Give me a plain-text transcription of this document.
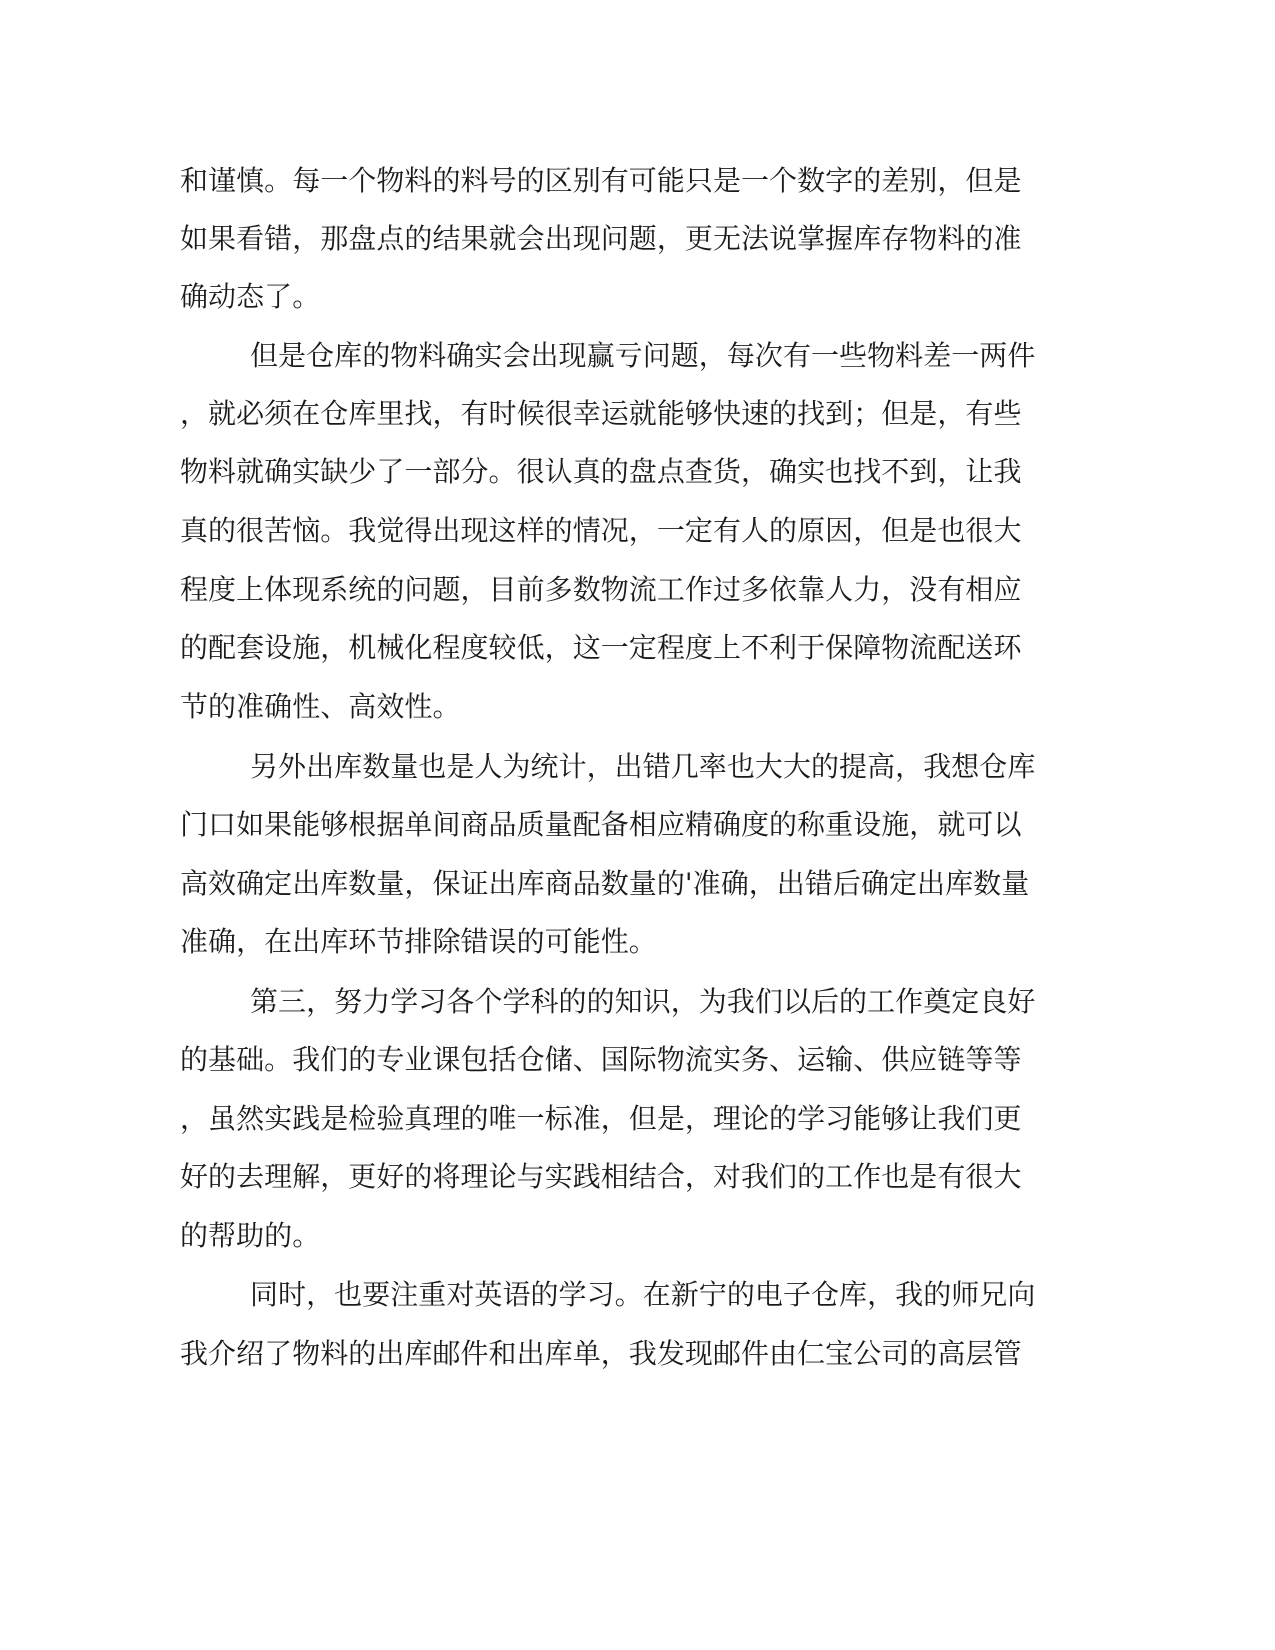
和谨慎。每一个物料的料号的区别有可能只是一个数字的差别，但是
如果看错，那盘点的结果就会出现问题，更无法说掌握库存物料的准
确动态了。
但是仓库的物料确实会出现赢亏问题，每次有一些物料差一两件
，就必须在仓库里找，有时候很幸运就能够快速的找到；但是，有些
物料就确实缺少了一部分。很认真的盘点查货，确实也找不到，让我
真的很苦恼。我觉得出现这样的情况，一定有人的原因，但是也很大
程度上体现系统的问题，目前多数物流工作过多依靠人力，没有相应
的配套设施，机械化程度较低，这一定程度上不利于保障物流配送环
节的准确性、高效性。
另外出库数量也是人为统计，出错几率也大大的提高，我想仓库
门口如果能够根据单间商品质量配备相应精确度的称重设施，就可以
高效确定出库数量，保证出库商品数量的'准确，出错后确定出库数量
准确，在出库环节排除错误的可能性。
第三，努力学习各个学科的的知识，为我们以后的工作奠定良好
的基础。我们的专业课包括仓储、国际物流实务、运输、供应链等等
，虽然实践是检验真理的唯一标准，但是，理论的学习能够让我们更
好的去理解，更好的将理论与实践相结合，对我们的工作也是有很大
的帮助的。
同时，也要注重对英语的学习。在新宁的电子仓库，我的师兄向
我介绍了物料的出库邮件和出库单，我发现邮件由仁宝公司的高层管
